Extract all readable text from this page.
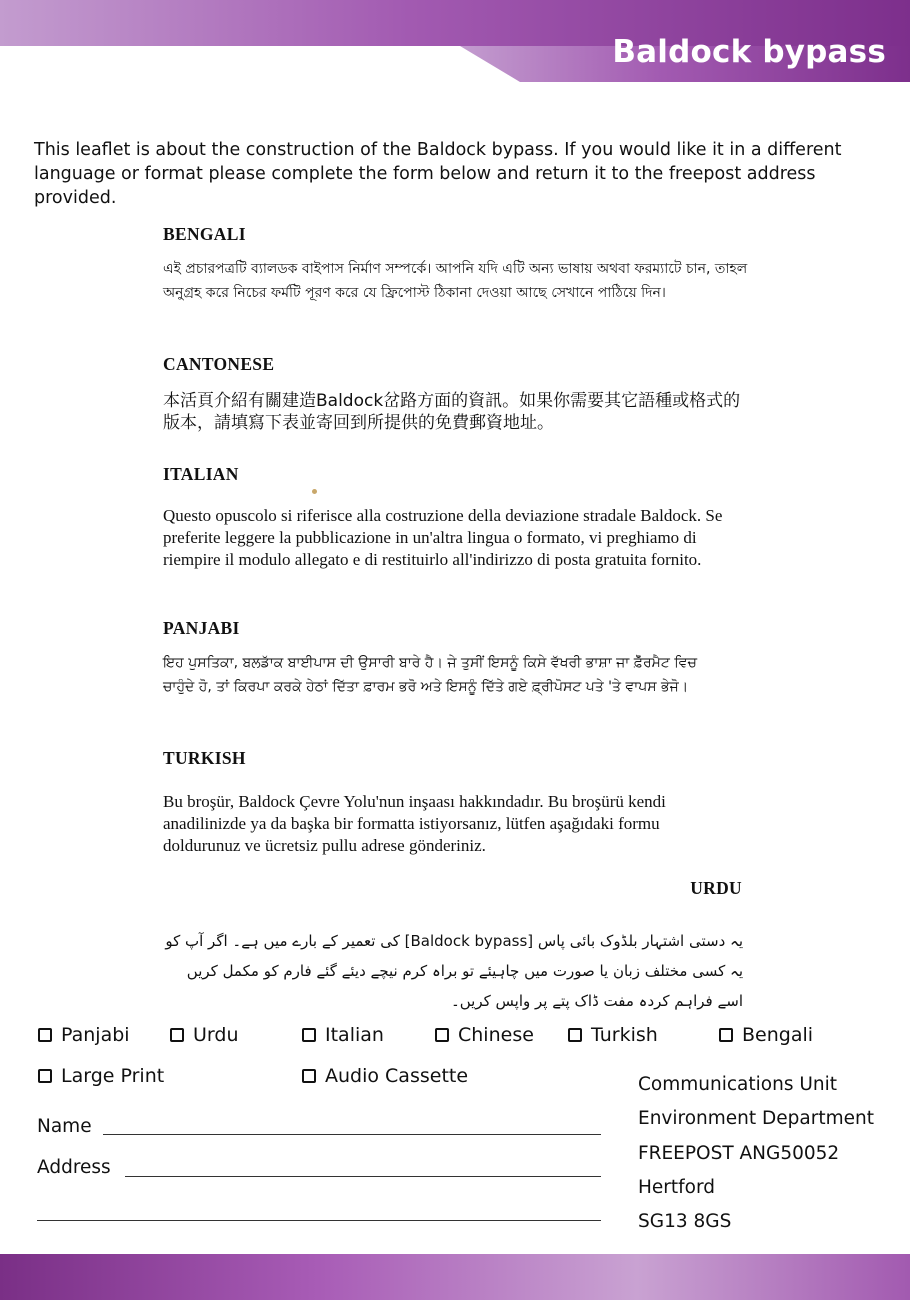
Baldock bypass

This leaflet is about the construction of the Baldock bypass. If you would like it in a different language or format please complete the form below and return it to the freepost address provided.

BENGALI

এই প্রচারপত্রটি ব্যালডক বাইপাস নির্মাণ সম্পর্কে। আপনি যদি এটি অন্য ভাষায় অথবা ফরম্যাটে চান, তাহল অনুগ্রহ করে নিচের ফর্মটি পূরণ করে যে ফ্রিপোস্ট ঠিকানা দেওয়া আছে সেখানে পাঠিয়ে দিন।

CANTONESE

本活頁介紹有關建造Baldock岔路方面的資訊。如果你需要其它語種或格式的版本，請填寫下表並寄回到所提供的免費郵資地址。

ITALIAN

Questo opuscolo si riferisce alla costruzione della deviazione stradale Baldock. Se preferite leggere la pubblicazione in un'altra lingua o formato, vi preghiamo di riempire il modulo allegato e di restituirlo all'indirizzo di posta gratuita fornito.

PANJABI

ਇਹ ਪੁਸਤਿਕਾ, ਬਲਡਾੱਕ ਬਾਈਪਾਸ ਦੀ ਉਸਾਰੀ ਬਾਰੇ ਹੈ। ਜੇ ਤੁਸੀਂ ਇਸਨੂੰ ਕਿਸੇ ਵੱਖਰੀ ਭਾਸ਼ਾ ਜਾ ਫ਼ੋੱਰਮੈਟ ਵਿਚ ਚਾਹੁੰਦੇ ਹੋ, ਤਾਂ ਕਿਰਪਾ ਕਰਕੇ ਹੇਠਾਂ ਦਿੱਤਾ ਫ਼ਾਰਮ ਭਰੋ ਅਤੇ ਇਸਨੂੰ ਦਿੱਤੇ ਗਏ ਫ਼੍ਰੀਪੋਸਟ ਪਤੇ 'ਤੇ ਵਾਪਸ ਭੇਜੋ।

TURKISH

Bu broşür, Baldock Çevre Yolu'nun inşaası hakkındadır. Bu broşürü kendi anadilinizde ya da başka bir formatta istiyorsanız, lütfen aşağıdaki formu doldurunuz ve ücretsiz pullu adrese gönderiniz.

URDU

یہ دستی اشتہار بلڈوک بائی پاس [Baldock bypass] کی تعمیر کے بارے میں ہے۔ اگر آپ کو یہ کسی مختلف زبان یا صورت میں چاہیئے تو براہ کرم نیچے دیئے گئے فارم کو مکمل کریں اسے فراہم کردہ مفت ڈاک پتے پر واپس کریں۔

Panjabi	Urdu	Italian	Chinese	Turkish	Bengali
Large Print	Audio Cassette
Name
Address
Communications Unit
Environment Department
FREEPOST ANG50052
Hertford
SG13 8GS
